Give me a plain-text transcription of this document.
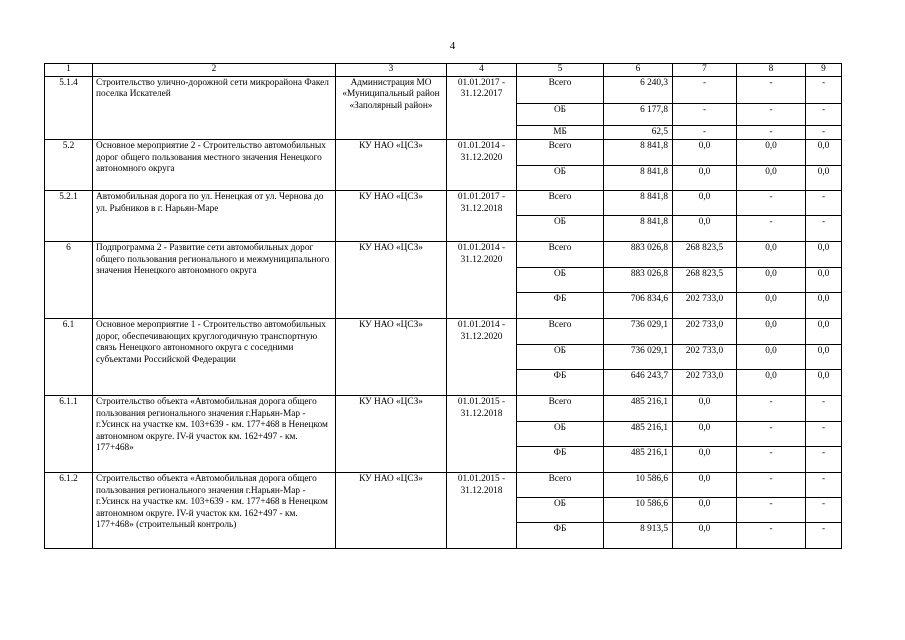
4
1	2	3	4	5	6	7	8	9
5.1.4	Строительство улично-дорожной сети микрорайона Факел поселка Искателей	Администрация МО «Муниципальный район «Заполярный район»	01.01.2017 - 31.12.2017	Всего	6 240,3	-	-	-
				ОБ	6 177,8	-	-	-
				МБ	62,5	-	-	-
5.2	Основное мероприятие 2 - Строительство автомобильных дорог общего пользования местного значения Ненецкого автономного округа	КУ НАО «ЦСЗ»	01.01.2014 - 31.12.2020	Всего	8 841,8	0,0	0,0	0,0
				ОБ	8 841,8	0,0	0,0	0,0
5.2.1	Автомобильная дорога по ул. Ненецкая от ул. Чернова до ул. Рыбников в г. Нарьян-Маре	КУ НАО «ЦСЗ»	01.01.2017 - 31.12.2018	Всего	8 841,8	0,0	-	-
				ОБ	8 841,8	0,0	-	-
6	Подпрограмма 2 - Развитие сети автомобильных дорог общего пользования регионального и межмуниципального значения Ненецкого автономного округа	КУ НАО «ЦСЗ»	01.01.2014 - 31.12.2020	Всего	883 026,8	268 823,5	0,0	0,0
				ОБ	883 026,8	268 823,5	0,0	0,0
				ФБ	706 834,6	202 733,0	0,0	0,0
6.1	Основное мероприятие 1 - Строительство автомобильных дорог, обеспечивающих круглогодичную транспортную связь Ненецкого автономного округа с соседними субъектами Российской Федерации	КУ НАО «ЦСЗ»	01.01.2014 - 31.12.2020	Всего	736 029,1	202 733,0	0,0	0,0
				ОБ	736 029,1	202 733,0	0,0	0,0
				ФБ	646 243,7	202 733,0	0,0	0,0
6.1.1	Строительство объекта «Автомобильная дорога общего пользования регионального значения г.Нарьян-Мар - г.Усинск на участке км. 103+639 - км. 177+468 в Ненецком автономном округе. IV-й участок км. 162+497 - км. 177+468»	КУ НАО «ЦСЗ»	01.01.2015 - 31.12.2018	Всего	485 216,1	0,0	-	-
				ОБ	485 216,1	0,0	-	-
				ФБ	485 216,1	0,0	-	-
6.1.2	Строительство объекта «Автомобильная дорога общего пользования регионального значения г.Нарьян-Мар - г.Усинск на участке км. 103+639 - км. 177+468 в Ненецком автономном округе. IV-й участок км. 162+497 - км. 177+468» (строительный контроль)	КУ НАО «ЦСЗ»	01.01.2015 - 31.12.2018	Всего	10 586,6	0,0	-	-
				ОБ	10 586,6	0,0	-	-
				ФБ	8 913,5	0,0	-	-
